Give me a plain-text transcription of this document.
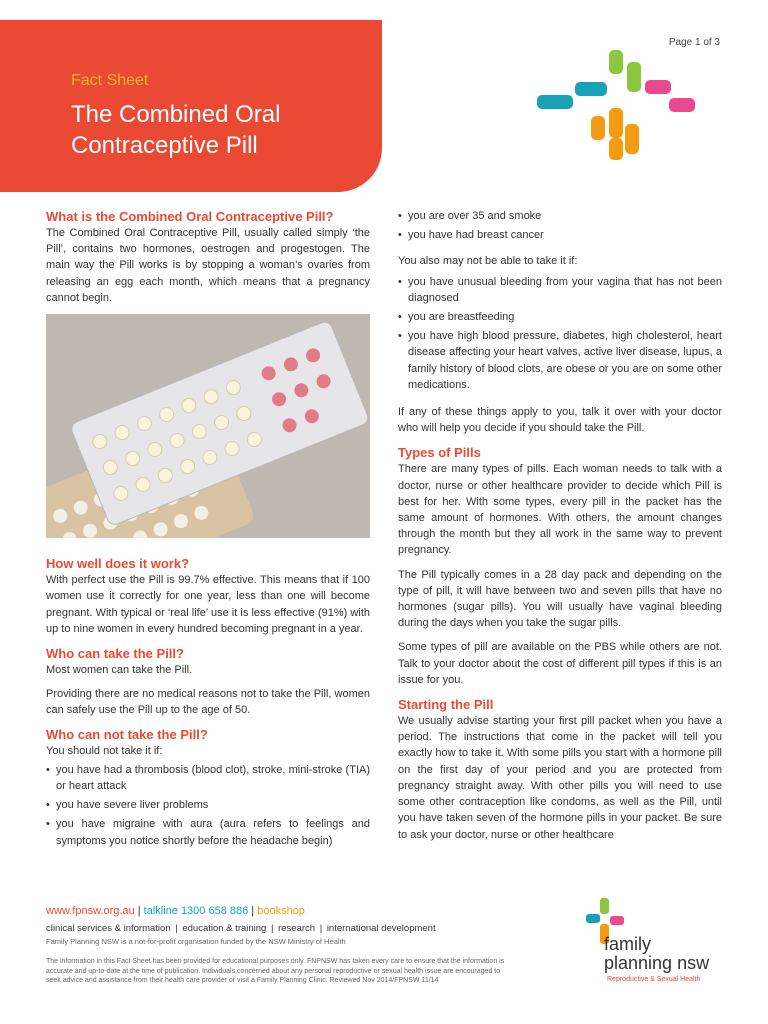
Page 1 of 3
Fact Sheet
The Combined Oral
Contraceptive Pill
What is the Combined Oral Contraceptive Pill?

The Combined Oral Contraceptive Pill, usually called simply ‘the Pill’, contains two hormones, oestrogen and progestogen. The main way the Pill works is by stopping a woman’s ovaries from releasing an egg each month, which means that a pregnancy cannot begin.

How well does it work?

With perfect use the Pill is 99.7% effective. This means that if 100 women use it correctly for one year, less than one will become pregnant. With typical or ‘real life’ use it is less effective (91%) with up to nine women in every hundred becoming pregnant in a year.

Who can take the Pill?

Most women can take the Pill.

Providing there are no medical reasons not to take the Pill, women can safely use the Pill up to the age of 50.

Who can not take the Pill?

You should not take it if:

• you have had a thrombosis (blood clot), stroke, mini-stroke (TIA) or heart attack
• you have severe liver problems
• you have migraine with aura (aura refers to feelings and symptoms you notice shortly before the headache begin)
• you are over 35 and smoke
• you have had breast cancer

You also may not be able to take it if:

• you have unusual bleeding from your vagina that has not been diagnosed
• you are breastfeeding
• you have high blood pressure, diabetes, high cholesterol, heart disease affecting your heart valves, active liver disease, lupus, a family history of blood clots, are obese or you are on some other medications.

If any of these things apply to you, talk it over with your doctor who will help you decide if you should take the Pill.

Types of Pills

There are many types of pills. Each woman needs to talk with a doctor, nurse or other healthcare provider to decide which Pill is best for her. With some types, every pill in the packet has the same amount of hormones. With others, the amount changes through the month but they all work in the same way to prevent pregnancy.

The Pill typically comes in a 28 day pack and depending on the type of pill, it will have between two and seven pills that have no hormones (sugar pills). You will usually have vaginal bleeding during the days when you take the sugar pills.

Some types of pill are available on the PBS while others are not. Talk to your doctor about the cost of different pill types if this is an issue for you.

Starting the Pill

We usually advise starting your first pill packet when you have a period. The instructions that come in the packet will tell you exactly how to take it. With some pills you start with a hormone pill on the first day of your period and you are protected from pregnancy straight away. With other pills you will need to use some other contraception like condoms, as well as the Pill, until you have taken seven of the hormone pills in your packet. Be sure to ask your doctor, nurse or other healthcare

www.fpnsw.org.au | talkline 1300 658 886 | bookshop
clinical services & information | education & training | research | international development
Family Planning NSW is a not-for-profit organisation funded by the NSW Ministry of Health
The information in this Fact Sheet has been provided for educational purposes only. FNPNSW has taken every care to ensure that the information is accurate and up-to-date at the time of publication. Individuals concerned about any personal reproductive or sexual health issue are encouraged to seek advice and assistance from their health care provider or visit a Family Planning Clinic. Reviewed Nov 2014/FPNSW 11/14
family
planning nsw
Reproductive & Sexual Health
